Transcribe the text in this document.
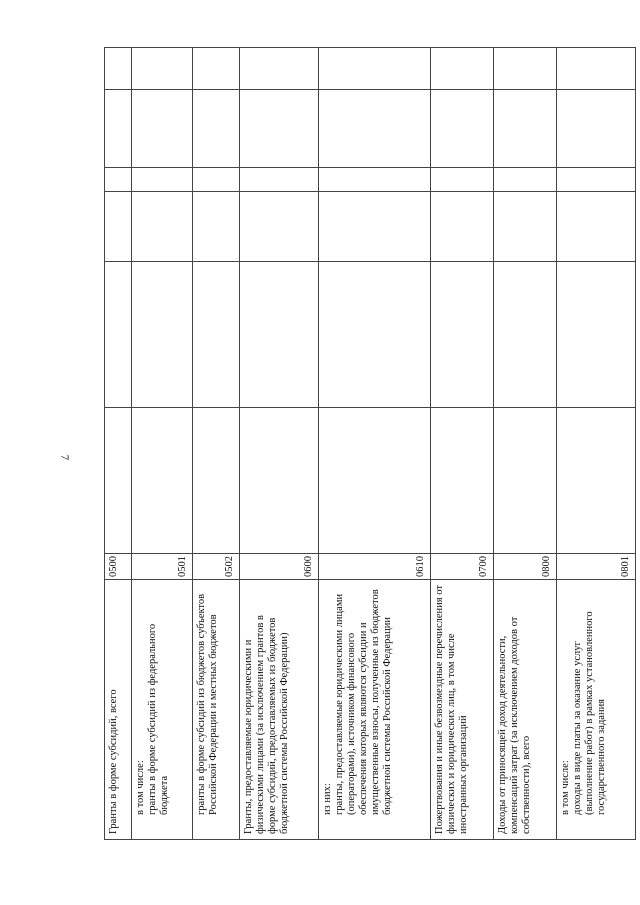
7
Гранты в форме субсидий, всего	0500						
в том числе:
гранты в форме субсидий из федерального бюджета	0501						
гранты в форме субсидий из бюджетов субъектов Российской Федерации и местных бюджетов	0502						
Гранты, предоставляемые юридическими и физическими лицами (за исключением грантов в форме субсидий, предоставляемых из бюджетов бюджетной системы Российской Федерации)	0600						
из них:
гранты, предоставляемые юридическими лицами (операторами), источником финансового обеспечения которых являются субсидии и имущественные взносы, полученные из бюджетов бюджетной системы Российской Федерации	0610						
Пожертвования и иные безвозмездные перечисления от физических и юридических лиц, в том числе иностранных организаций	0700						
Доходы от приносящей доход деятельности, компенсаций затрат (за исключением доходов от собственности), всего	0800						
в том числе:
доходы в виде платы за оказание услуг (выполнение работ) в рамках установленного государственного задания	0801						
